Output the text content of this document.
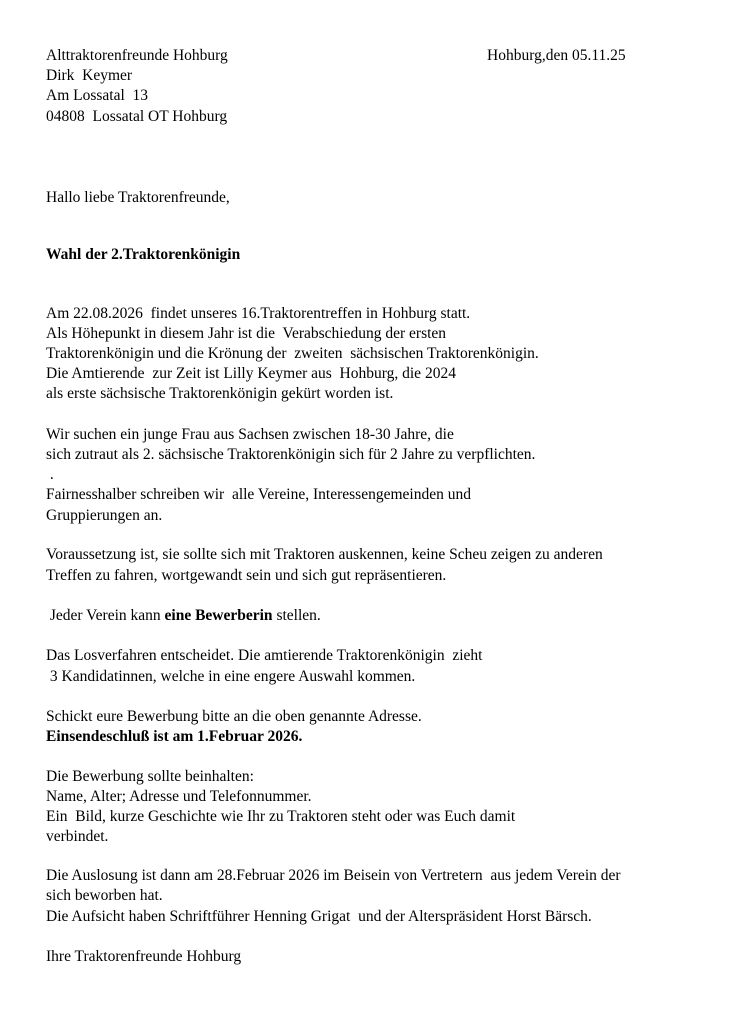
Alttraktorenfreunde Hohburg
Dirk  Keymer
Am Lossatal  13
04808  Lossatal OT Hohburg
Hohburg,den 05.11.25
Hallo liebe Traktorenfreunde,
Wahl der 2.Traktorenkönigin
Am 22.08.2026  findet unseres 16.Traktorentreffen in Hohburg statt.
Als Höhepunkt in diesem Jahr ist die  Verabschiedung der ersten
Traktorenkönigin und die Krönung der  zweiten  sächsischen Traktorenkönigin.
Die Amtierende  zur Zeit ist Lilly Keymer aus  Hohburg, die 2024
als erste sächsische Traktorenkönigin gekürt worden ist.
Wir suchen ein junge Frau aus Sachsen zwischen 18-30 Jahre, die
sich zutraut als 2. sächsische Traktorenkönigin sich für 2 Jahre zu verpflichten.
.
Fairnesshalber schreiben wir  alle Vereine, Interessengemeinden und
Gruppierungen an.
Voraussetzung ist, sie sollte sich mit Traktoren auskennen, keine Scheu zeigen zu anderen
Treffen zu fahren, wortgewandt sein und sich gut repräsentieren.
Jeder Verein kann eine Bewerberin stellen.
Das Losverfahren entscheidet. Die amtierende Traktorenkönigin  zieht
3 Kandidatinnen, welche in eine engere Auswahl kommen.
Schickt eure Bewerbung bitte an die oben genannte Adresse.
Einsendeschluß ist am 1.Februar 2026.
Die Bewerbung sollte beinhalten:
Name, Alter; Adresse und Telefonnummer.
Ein  Bild, kurze Geschichte wie Ihr zu Traktoren steht oder was Euch damit
verbindet.
Die Auslosung ist dann am 28.Februar 2026 im Beisein von Vertretern  aus jedem Verein der
sich beworben hat.
Die Aufsicht haben Schriftführer Henning Grigat  und der Alterspräsident Horst Bärsch.
Ihre Traktorenfreunde Hohburg
